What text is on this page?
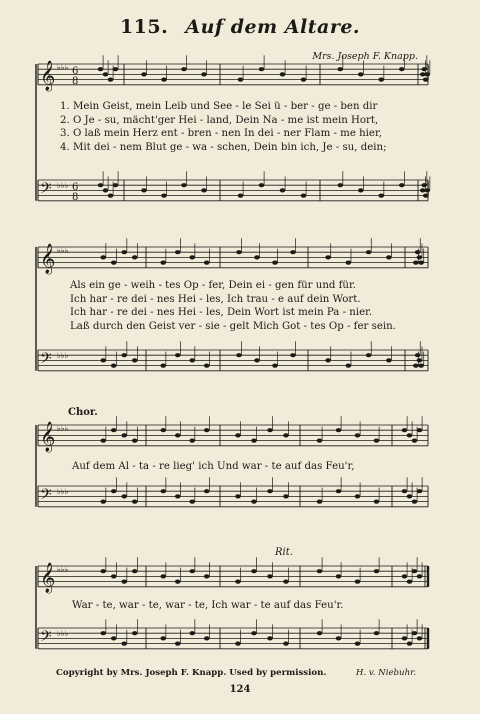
115. Auf dem Altare.
Mrs. Joseph F. Knapp.
𝄞 ♭♭♭ 6
8
𝄢 ♭♭♭ 6
8
𝄞 ♭♭♭
𝄢 ♭♭♭
𝄞 ♭♭♭
𝄢 ♭♭♭
𝄞 ♭♭♭
𝄢 ♭♭♭
1. Mein Geist, mein Leib und See - le Sei ü - ber - ge - ben dir
2. O Je - su, mächt'ger Hei - land, Dein Na - me ist mein Hort,
3. O laß mein Herz ent - bren - nen In dei - ner Flam - me hier,
4. Mit dei - nem Blut ge - wa - schen, Dein bin ich, Je - su, dein;
Als ein ge - weih - tes Op - fer, Dein ei - gen für und für.
Ich har - re dei - nes Hei - les, Ich trau - e auf dein Wort.
Ich har - re dei - nes Hei - les, Dein Wort ist mein Pa - nier.
Laß durch den Geist ver - sie - gelt Mich Got - tes Op - fer sein.
Chor.
Auf dem Al - ta - re lieg' ich Und war - te auf das Feu'r,
Rit.
War - te, war - te, war - te, Ich war - te auf das Feu'r.
Copyright by Mrs. Joseph F. Knapp. Used by permission.	H. v. Niebuhr.
124
